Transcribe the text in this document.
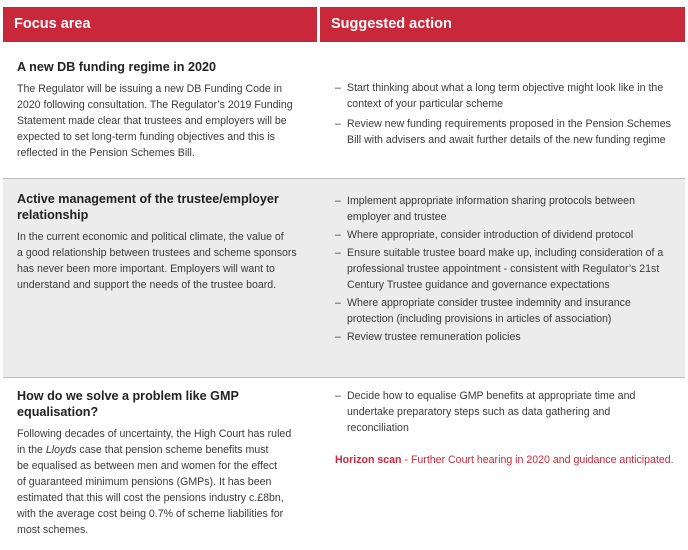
Focus area	Suggested action
A new DB funding regime in 2020

The Regulator will be issuing a new DB Funding Code in

2020 following consultation. The Regulator’s 2019 Funding

Statement made clear that trustees and employers will be

expected to set long-term funding objectives and this is

reflected in the Pension Schemes Bill.

– Start thinking about what a long term objective might look like in the
context of your particular scheme
– Review new funding requirements proposed in the Pension Schemes
Bill with advisers and await further details of the new funding regime
Active management of the trustee/employer
relationship

In the current economic and political climate, the value of

a good relationship between trustees and scheme sponsors

has never been more important. Employers will want to

understand and support the needs of the trustee board.

– Implement appropriate information sharing protocols between
employer and trustee
– Where appropriate, consider introduction of dividend protocol
– Ensure suitable trustee board make up, including consideration of a
professional trustee appointment - consistent with Regulator’s 21st
Century Trustee guidance and governance expectations
– Where appropriate consider trustee indemnity and insurance
protection (including provisions in articles of association)
– Review trustee remuneration policies
How do we solve a problem like GMP
equalisation?

Following decades of uncertainty, the High Court has ruled

in the Lloyds case that pension scheme benefits must

be equalised as between men and women for the effect

of guaranteed minimum pensions (GMPs). It has been

estimated that this will cost the pensions industry c.£8bn,

with the average cost being 0.7% of scheme liabilities for

most schemes.

– Decide how to equalise GMP benefits at appropriate time and
undertake preparatory steps such as data gathering and reconciliation
Horizon scan - Further Court hearing in 2020 and guidance anticipated.
